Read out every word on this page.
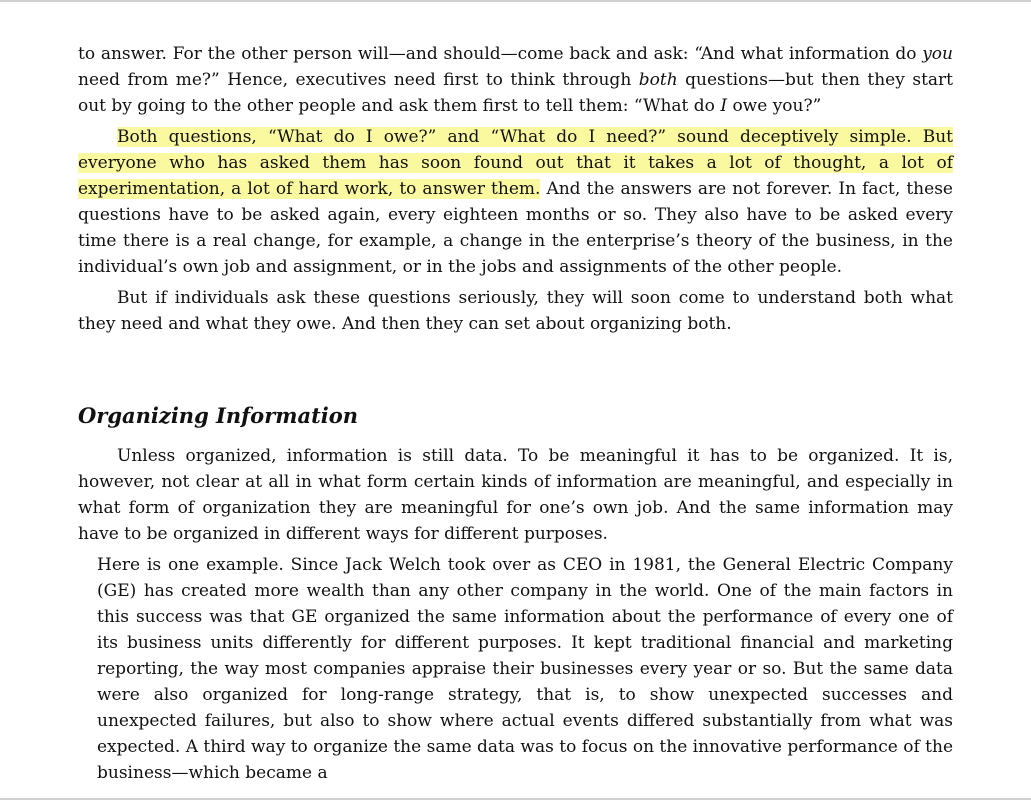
to answer. For the other person will—and should—come back and ask: “And what information do you need from me?” Hence, executives need first to think through both questions—but then they start out by going to the other people and ask them first to tell them: “What do I owe you?”

Both questions, “What do I owe?” and “What do I need?” sound deceptively simple. But everyone who has asked them has soon found out that it takes a lot of thought, a lot of experimentation, a lot of hard work, to answer them. And the answers are not forever. In fact, these questions have to be asked again, every eighteen months or so. They also have to be asked every time there is a real change, for example, a change in the enterprise’s theory of the business, in the individual’s own job and assignment, or in the jobs and assignments of the other people.

But if individuals ask these questions seriously, they will soon come to understand both what they need and what they owe. And then they can set about organizing both.

Organizing Information

Unless organized, information is still data. To be meaningful it has to be organized. It is, however, not clear at all in what form certain kinds of information are meaningful, and especially in what form of organization they are meaningful for one’s own job. And the same information may have to be organized in different ways for different purposes.

Here is one example. Since Jack Welch took over as CEO in 1981, the General Electric Company (GE) has created more wealth than any other company in the world. One of the main factors in this success was that GE organized the same information about the performance of every one of its business units differently for different purposes. It kept traditional financial and marketing reporting, the way most companies appraise their businesses every year or so. But the same data were also organized for long-range strategy, that is, to show unexpected successes and unexpected failures, but also to show where actual events differed substantially from what was expected. A third way to organize the same data was to focus on the innovative performance of the business—which became a
